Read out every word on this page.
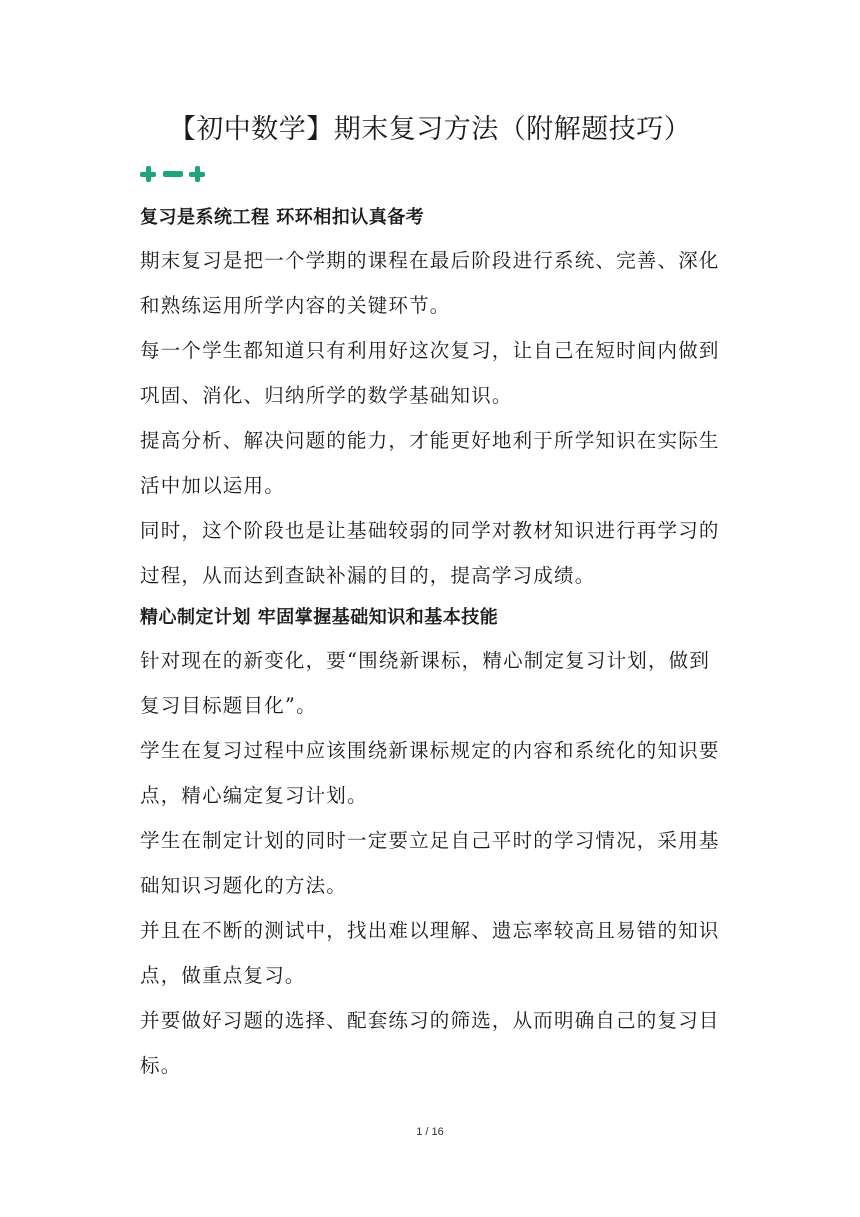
【初中数学】期末复习方法（附解题技巧）

复习是系统工程 环环相扣认真备考

期末复习是把一个学期的课程在最后阶段进行系统、完善、深化和熟练运用所学内容的关键环节。

每一个学生都知道只有利用好这次复习，让自己在短时间内做到巩固、消化、归纳所学的数学基础知识。

提高分析、解决问题的能力，才能更好地利于所学知识在实际生活中加以运用。

同时，这个阶段也是让基础较弱的同学对教材知识进行再学习的过程，从而达到查缺补漏的目的，提高学习成绩。

精心制定计划 牢固掌握基础知识和基本技能

针对现在的新变化，要“围绕新课标，精心制定复习计划，做到复习目标题目化”。

学生在复习过程中应该围绕新课标规定的内容和系统化的知识要点，精心编定复习计划。

学生在制定计划的同时一定要立足自己平时的学习情况，采用基础知识习题化的方法。

并且在不断的测试中，找出难以理解、遗忘率较高且易错的知识点，做重点复习。

并要做好习题的选择、配套练习的筛选，从而明确自己的复习目标。

1 / 16
